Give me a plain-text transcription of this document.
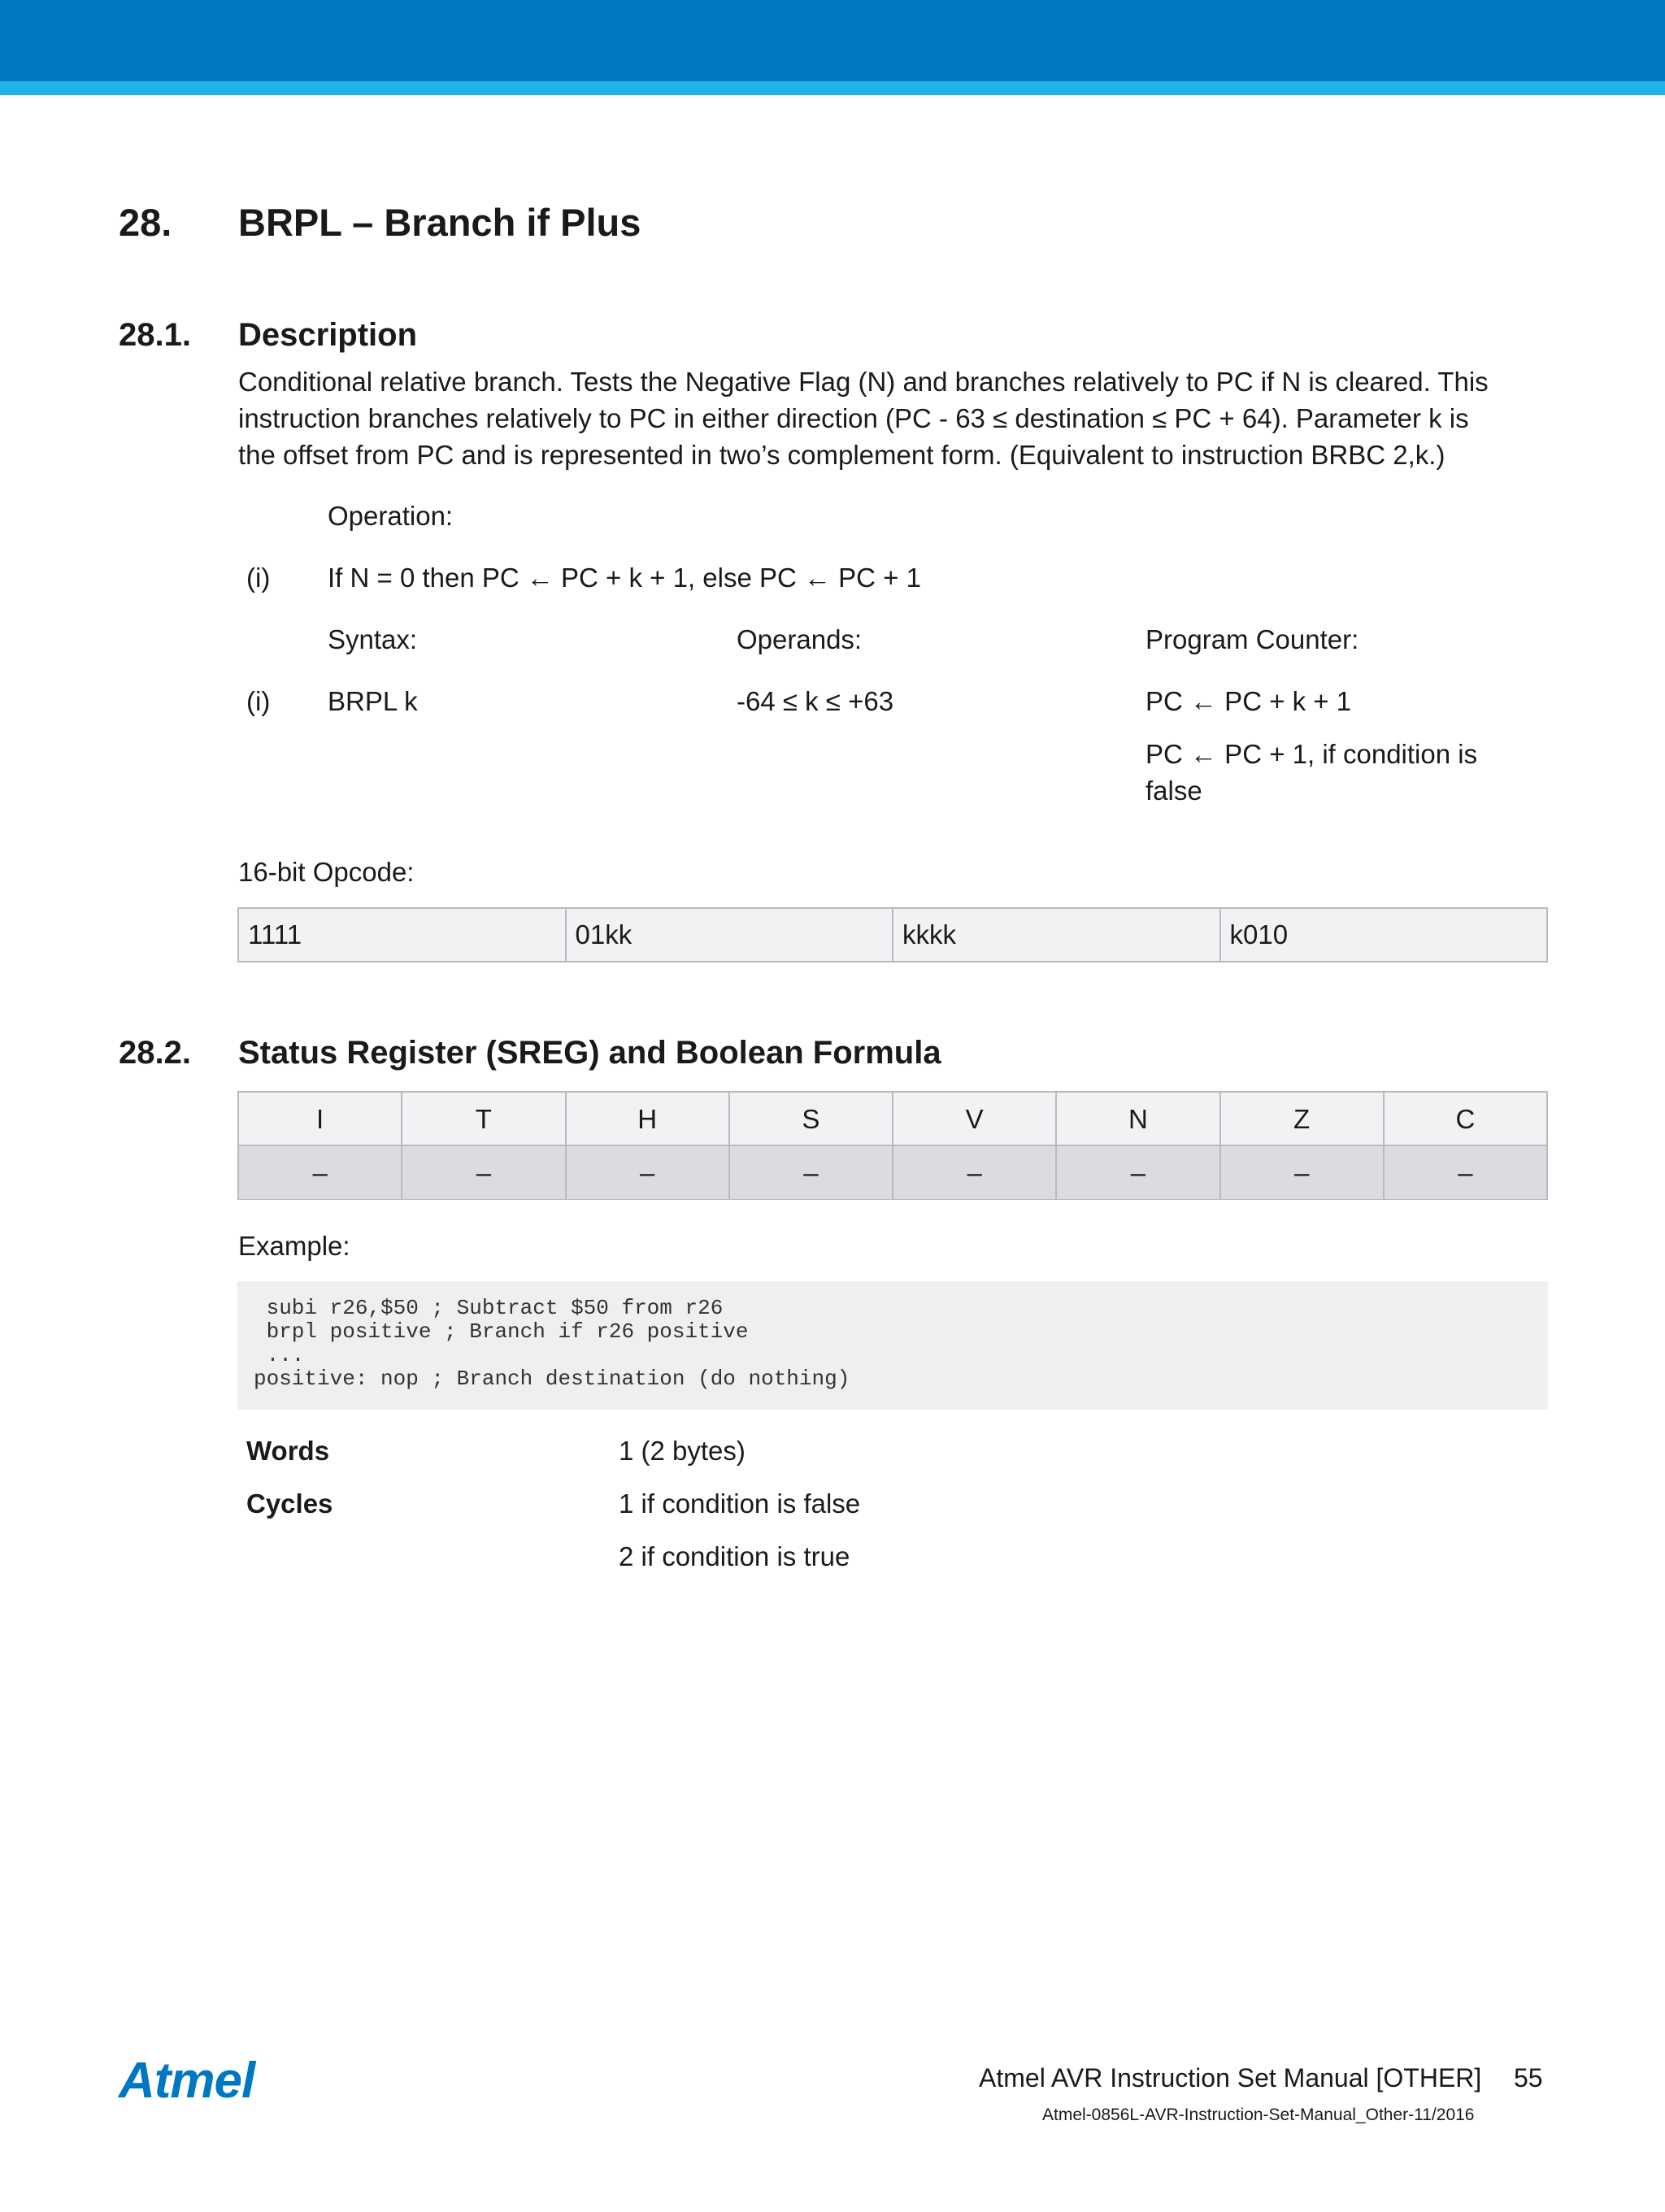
28. BRPL – Branch if Plus
28.1. Description

Conditional relative branch. Tests the Negative Flag (N) and branches relatively to PC if N is cleared. This

instruction branches relatively to PC in either direction (PC - 63 ≤ destination ≤ PC + 64). Parameter k is

the offset from PC and is represented in two’s complement form. (Equivalent to instruction BRBC 2,k.)

Operation:
(i) If N = 0 then PC ← PC + k + 1, else PC ← PC + 1
Syntax:	Operands:	Program Counter:
(i) BRPL k	-64 ≤ k ≤ +63	PC ← PC + k + 1
PC ← PC + 1, if condition is
false
16-bit Opcode:
1111	01kk	kkkk	k010
28.2. Status Register (SREG) and Boolean Formula
I	T	H	S	V	N	Z	C
–	–	–	–	–	–	–	–
Example:
subi r26,$50 ; Subtract $50 from r26
brpl positive ; Branch if r26 positive
...
positive: nop ; Branch destination (do nothing)
Words	1 (2 bytes)
Cycles	1 if condition is false
2 if condition is true
Atmel	Atmel AVR Instruction Set Manual [OTHER] 55
Atmel-0856L-AVR-Instruction-Set-Manual_Other-11/2016
